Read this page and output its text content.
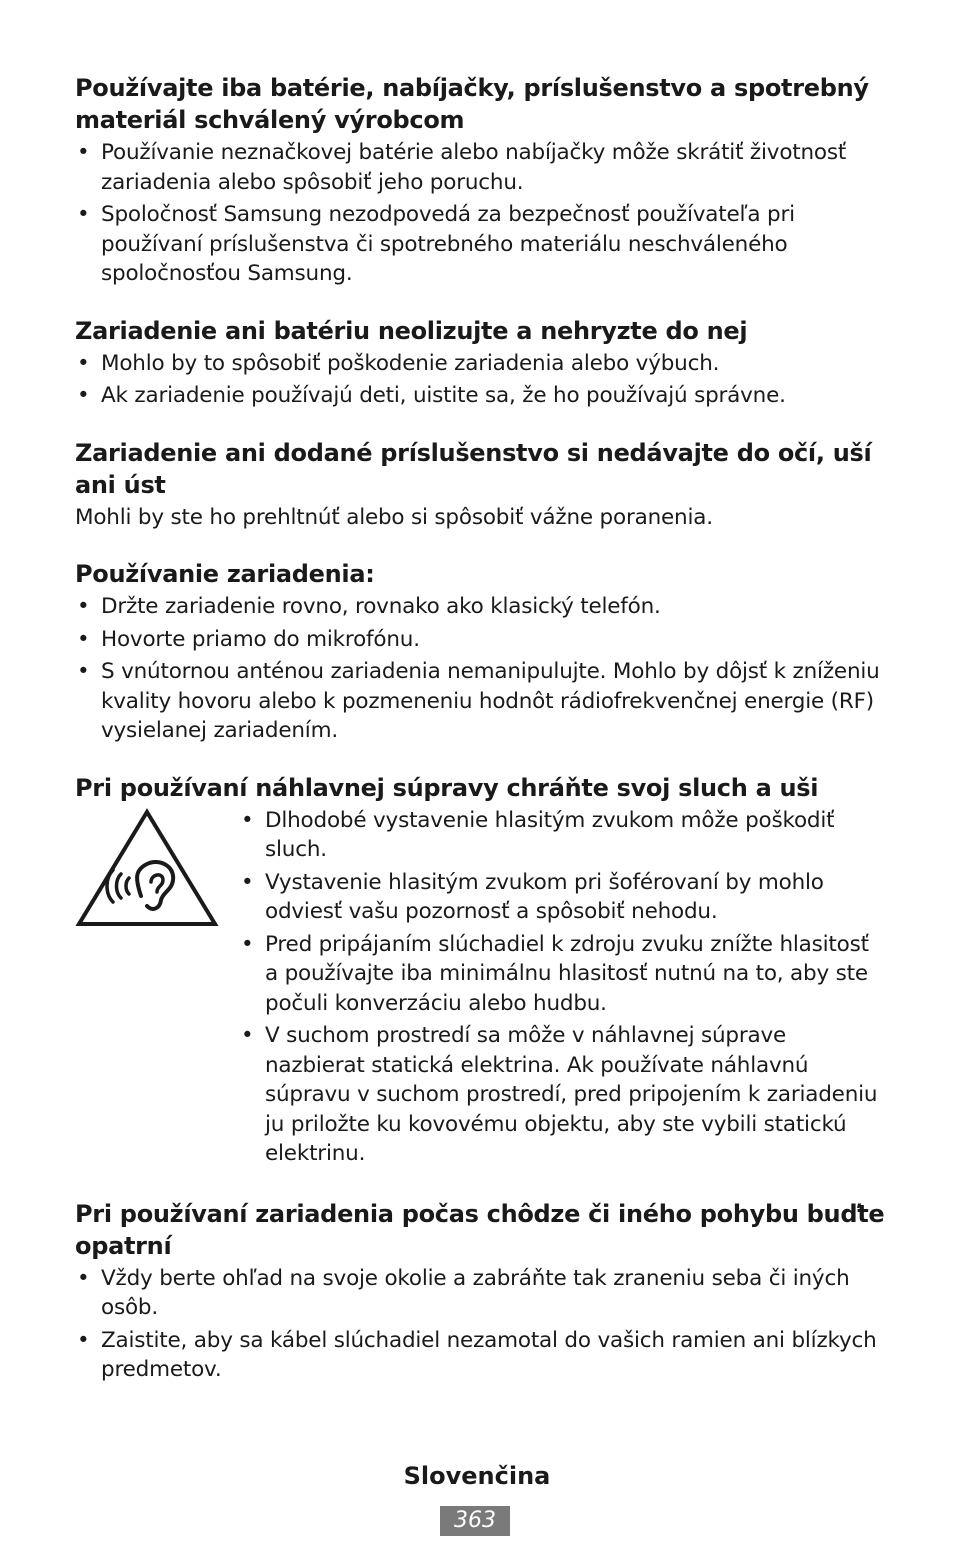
Používajte iba batérie, nabíjačky, príslušenstvo a spotrebný materiál schválený výrobcom
• Používanie neznačkovej batérie alebo nabíjačky môže skrátiť životnosť zariadenia alebo spôsobiť jeho poruchu.
• Spoločnosť Samsung nezodpovedá za bezpečnosť používateľa pri používaní príslušenstva či spotrebného materiálu neschváleného spoločnosťou Samsung.
Zariadenie ani batériu neolizujte a nehryzte do nej
• Mohlo by to spôsobiť poškodenie zariadenia alebo výbuch.
• Ak zariadenie používajú deti, uistite sa, že ho používajú správne.
Zariadenie ani dodané príslušenstvo si nedávajte do očí, uší ani úst

Mohli by ste ho prehltnúť alebo si spôsobiť vážne poranenia.

Používanie zariadenia:
• Držte zariadenie rovno, rovnako ako klasický telefón.
• Hovorte priamo do mikrofónu.
• S vnútornou anténou zariadenia nemanipulujte. Mohlo by dôjsť k zníženiu kvality hovoru alebo k pozmeneniu hodnôt rádiofrekvenčnej energie (RF) vysielanej zariadením.
Pri používaní náhlavnej súpravy chráňte svoj sluch a uši
• Dlhodobé vystavenie hlasitým zvukom môže poškodiť sluch.
• Vystavenie hlasitým zvukom pri šoférovaní by mohlo odviesť vašu pozornosť a spôsobiť nehodu.
• Pred pripájaním slúchadiel k zdroju zvuku znížte hlasitosť a používajte iba minimálnu hlasitosť nutnú na to, aby ste počuli konverzáciu alebo hudbu.
• V suchom prostredí sa môže v náhlavnej súprave nazbierat statická elektrina. Ak používate náhlavnú súpravu v suchom prostredí, pred pripojením k zariadeniu ju priložte ku kovovému objektu, aby ste vybili statickú elektrinu.
Pri používaní zariadenia počas chôdze či iného pohybu buďte opatrní
• Vždy berte ohľad na svoje okolie a zabráňte tak zraneniu seba či iných osôb.
• Zaistite, aby sa kábel slúchadiel nezamotal do vašich ramien ani blízkych predmetov.
Slovenčina
363
